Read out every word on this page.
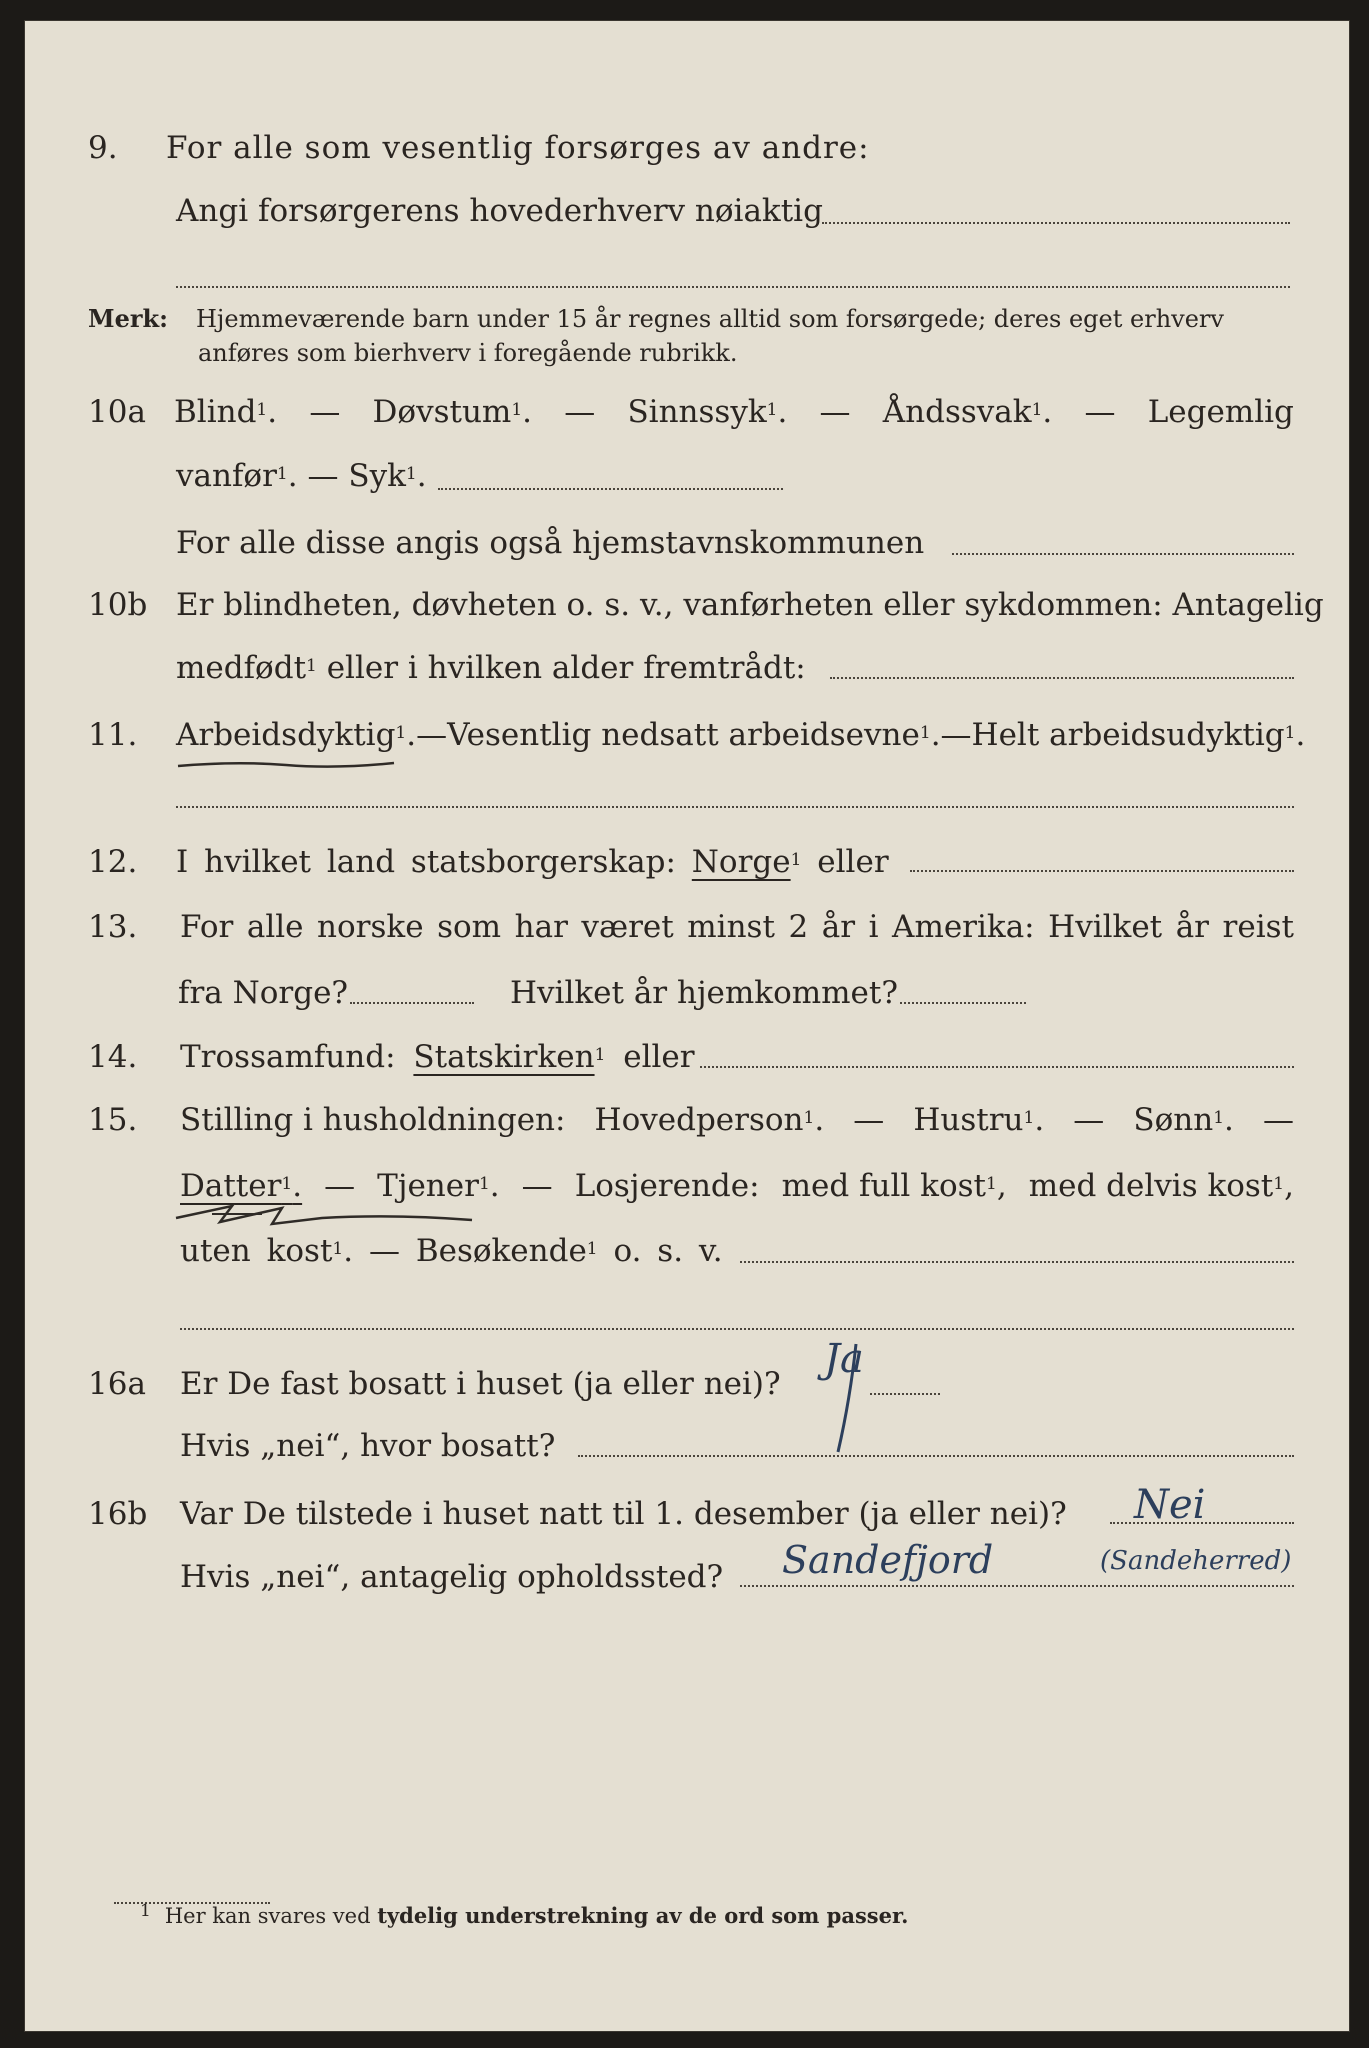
9. For alle som vesentlig forsørges av andre:
Angi forsørgerens hovederhverv nøiaktig
Merk: Hjemmeværende barn under 15 år regnes alltid som forsørgede; deres eget erhverv
anføres som bierhverv i foregående rubrikk.
10a Blind$^1$. — Døvstum$^1$. — Sinnssyk$^1$. — Åndssvak$^1$. — Legemlig
vanfør$^1$. — Syk$^1$.
For alle disse angis også hjemstavnskommunen
10b Er blindheten, døvheten o. s. v., vanførheten eller sykdommen: Antagelig
medfødt$^1$ eller i hvilken alder fremtrådt:
11. Arbeidsdyktig$^1$. — Vesentlig nedsatt arbeidsevne$^1$. — Helt arbeidsudyktig$^1$.
12. I hvilket land statsborgerskap: Norge$^1$ eller
13. For alle norske som har været minst 2 år i Amerika: Hvilket år reist
fra Norge?	Hvilket år hjemkommet?
14. Trossamfund: Statskirken$^1$ eller
15. Stilling i husholdningen: Hovedperson$^1$. — Hustru$^1$. — Sønn$^1$. —
Datter$^1$. — Tjener$^1$. — Losjerende: med full kost$^1$, med delvis kost$^1$,
uten kost$^1$. — Besøkende$^1$ o. s. v.
16a Er De fast bosatt i huset (ja eller nei)?
Ja
Hvis „nei“, hvor bosatt?
16b Var De tilstede i huset natt til 1. desember (ja eller nei)? Nei
Hvis „nei“, antagelig opholdssted? Sandefjord	(Sandeherred)
$^1$ Her kan svares ved tydelig understrekning av de ord som passer.
